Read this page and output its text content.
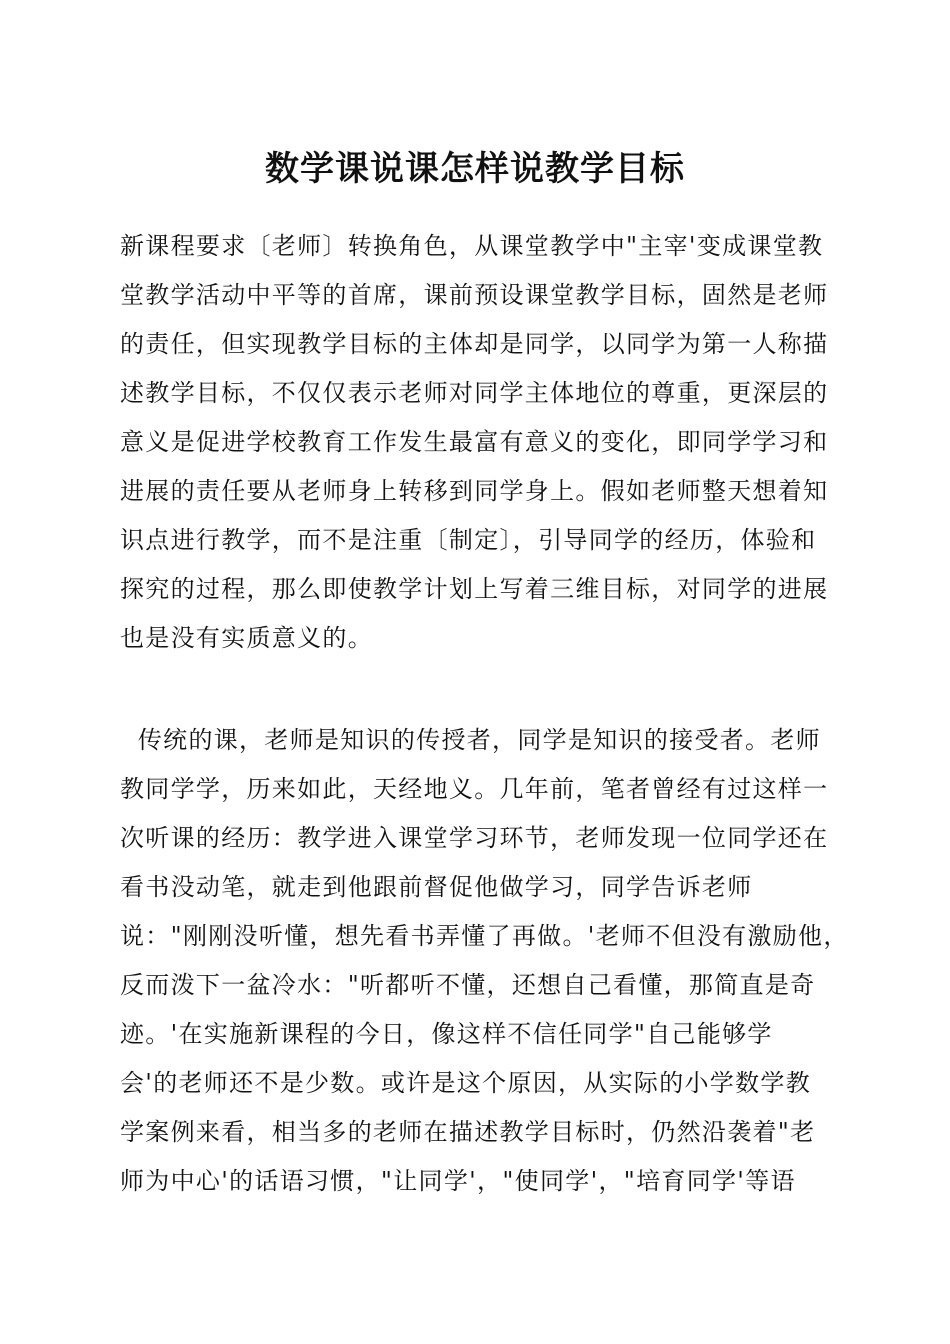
数学课说课怎样说教学目标
新课程要求〔老师〕转换角色，从课堂教学中"主宰'变成课堂教
堂教学活动中平等的首席，课前预设课堂教学目标，固然是老师
的责任，但实现教学目标的主体却是同学，以同学为第一人称描
述教学目标，不仅仅表示老师对同学主体地位的尊重，更深层的
意义是促进学校教育工作发生最富有意义的变化，即同学学习和
进展的责任要从老师身上转移到同学身上。假如老师整天想着知
识点进行教学，而不是注重〔制定〕，引导同学的经历，体验和
探究的过程，那么即使教学计划上写着三维目标，对同学的进展
也是没有实质意义的。
传统的课，老师是知识的传授者，同学是知识的接受者。老师
教同学学，历来如此，天经地义。几年前，笔者曾经有过这样一
次听课的经历：教学进入课堂学习环节，老师发现一位同学还在
看书没动笔，就走到他跟前督促他做学习，同学告诉老师
说："刚刚没听懂，想先看书弄懂了再做。'老师不但没有激励他，
反而泼下一盆冷水："听都听不懂，还想自己看懂，那简直是奇
迹。'在实施新课程的今日，像这样不信任同学"自己能够学
会'的老师还不是少数。或许是这个原因，从实际的小学数学教
学案例来看，相当多的老师在描述教学目标时，仍然沿袭着"老
师为中心'的话语习惯，"让同学'，"使同学'，"培育同学'等语
